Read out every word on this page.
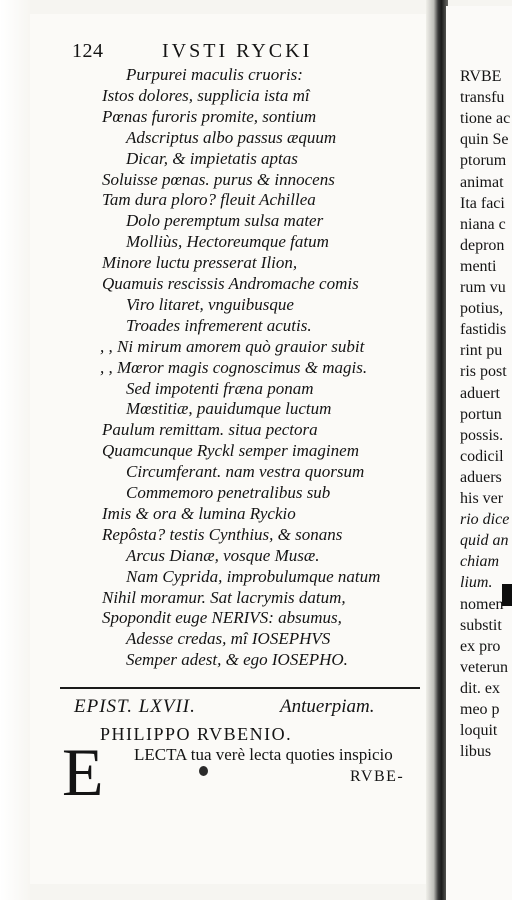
RVBE
transfu
tione ac
quin Se
ptorum
animat
Ita faci
niana c
depron
menti
rum vu
potius,
fastidis
rint pu
ris post
aduert
portun
possis.
codicil
aduers
his ver
rio dice
quid an
chiam
lium.
nomen
substit
ex pro
veterun
dit. ex
meo p
loquit
libus
124	IVSTI RYCKI
Purpurei maculis cruoris:
Istos dolores, supplicia ista mî
Pœnas furoris promite, sontium
Adscriptus albo passus æquum
Dicar, & impietatis aptas
Soluisse pœnas. purus & innocens
Tam dura ploro? fleuit Achillea
Dolo peremptum sulsa mater
Molliùs, Hectoreumque fatum
Minore luctu presserat Ilion,
Quamuis rescissis Andromache comis
Viro litaret, vnguibusque
Troades infremerent acutis.
, , Ni mirum amorem quò grauior subit
, , Mœror magis cognoscimus & magis.
Sed impotenti fræna ponam
Mœstitiæ, pauidumque luctum
Paulum remittam. situa pectora
Quamcunque Ryckl semper imaginem
Circumferant. nam vestra quorsum
Commemoro penetralibus sub
Imis & ora & lumina Ryckio
Repôsta? testis Cynthius, & sonans
Arcus Dianæ, vosque Musæ.
Nam Cyprida, improbulumque natum
Nihil moramur. Sat lacrymis datum,
Spopondit euge NERIVS: absumus,
Adesse credas, mî IOSEPHVS
Semper adest, & ego IOSEPHO.
EPIST. LXVII.	Antuerpiam.
PHILIPPO RVBENIO.
E LECTA tua verè lecta quoties inspicio
RVBE-
